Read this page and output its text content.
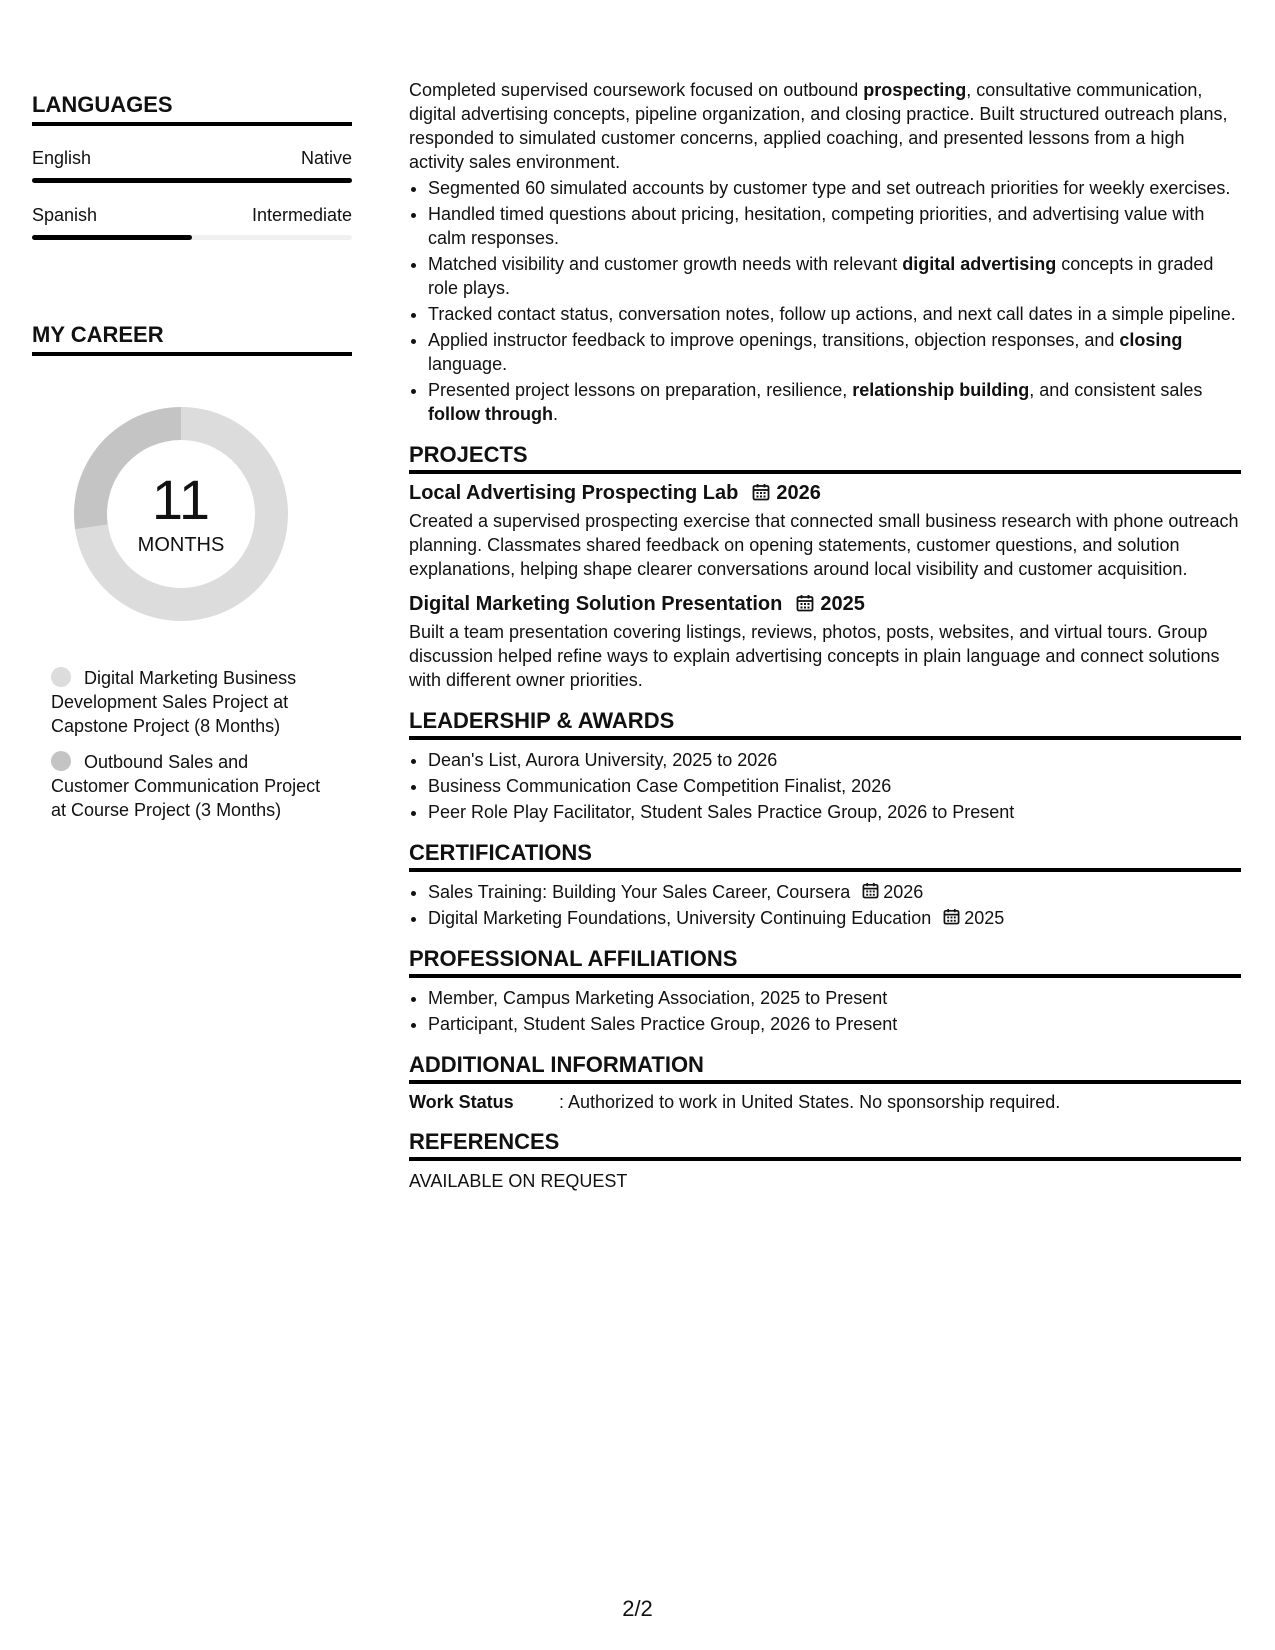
LANGUAGES
English	Native
Spanish	Intermediate
MY CAREER
11
MONTHS
Digital Marketing Business Development Sales Project at Capstone Project (8 Months)
Outbound Sales and Customer Communication Project at Course Project (3 Months)

Completed supervised coursework focused on outbound prospecting, consultative communication, digital advertising concepts, pipeline organization, and closing practice. Built structured outreach plans, responded to simulated customer concerns, applied coaching, and presented lessons from a high activity sales environment.

• Segmented 60 simulated accounts by customer type and set outreach priorities for weekly exercises.
• Handled timed questions about pricing, hesitation, competing priorities, and advertising value with calm responses.
• Matched visibility and customer growth needs with relevant digital advertising concepts in graded role plays.
• Tracked contact status, conversation notes, follow up actions, and next call dates in a simple pipeline.
• Applied instructor feedback to improve openings, transitions, objection responses, and closing language.
• Presented project lessons on preparation, resilience, relationship building, and consistent sales follow through.
PROJECTS
Local Advertising Prospecting Lab 2026

Created a supervised prospecting exercise that connected small business research with phone outreach planning. Classmates shared feedback on opening statements, customer questions, and solution explanations, helping shape clearer conversations around local visibility and customer acquisition.

Digital Marketing Solution Presentation 2025

Built a team presentation covering listings, reviews, photos, posts, websites, and virtual tours. Group discussion helped refine ways to explain advertising concepts in plain language and connect solutions with different owner priorities.

LEADERSHIP & AWARDS
• Dean's List, Aurora University, 2025 to 2026
• Business Communication Case Competition Finalist, 2026
• Peer Role Play Facilitator, Student Sales Practice Group, 2026 to Present
CERTIFICATIONS
• Sales Training: Building Your Sales Career, Coursera 2026
• Digital Marketing Foundations, University Continuing Education 2025
PROFESSIONAL AFFILIATIONS
• Member, Campus Marketing Association, 2025 to Present
• Participant, Student Sales Practice Group, 2026 to Present
ADDITIONAL INFORMATION
Work Status	: Authorized to work in United States. No sponsorship required.
REFERENCES
AVAILABLE ON REQUEST
2/2
